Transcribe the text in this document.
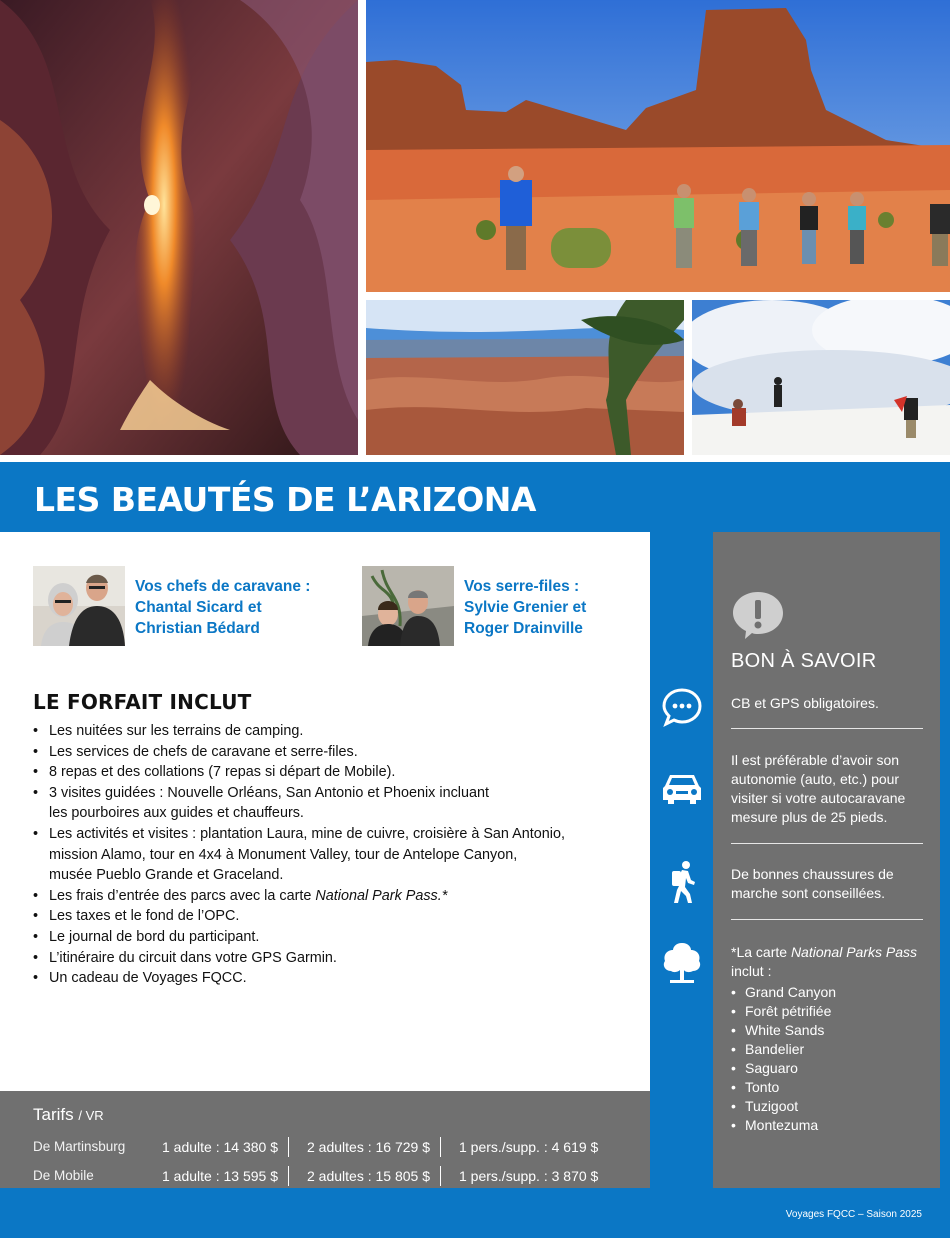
LES BEAUTÉS DE L’ARIZONA
Vos chefs de caravane :
Chantal Sicard et
Christian Bédard
Vos serre-files :
Sylvie Grenier et
Roger Drainville
LE FORFAIT INCLUT
• Les nuitées sur les terrains de camping.
• Les services de chefs de caravane et serre-files.
• 8 repas et des collations (7 repas si départ de Mobile).
• 3 visites guidées : Nouvelle Orléans, San Antonio et Phoenix incluant
les pourboires aux guides et chauffeurs.
• Les activités et visites : plantation Laura, mine de cuivre, croisière à San Antonio,
mission Alamo, tour en 4x4 à Monument Valley, tour de Antelope Canyon,
musée Pueblo Grande et Graceland.
• Les frais d’entrée des parcs avec la carte National Park Pass.*
• Les taxes et le fond de l’OPC.
• Le journal de bord du participant.
• L’itinéraire du circuit dans votre GPS Garmin.
• Un cadeau de Voyages FQCC.
Tarifs / VR
De Martinsburg	1 adulte : 14 380 $ 2 adultes : 16 729 $ 1 pers./supp. : 4 619 $
De Mobile	1 adulte : 13 595 $ 2 adultes : 15 805 $ 1 pers./supp. : 3 870 $
BON À SAVOIR
CB et GPS obligatoires.
Il est préférable d’avoir son autonomie (auto, etc.) pour visiter si votre autocaravane mesure plus de 25 pieds.
De bonnes chaussures de marche sont conseillées.
*La carte National Parks Pass inclut :
• Grand Canyon
• Forêt pétrifiée
• White Sands
• Bandelier
• Saguaro
• Tonto
• Tuzigoot
• Montezuma
Voyages FQCC – Saison 2025
